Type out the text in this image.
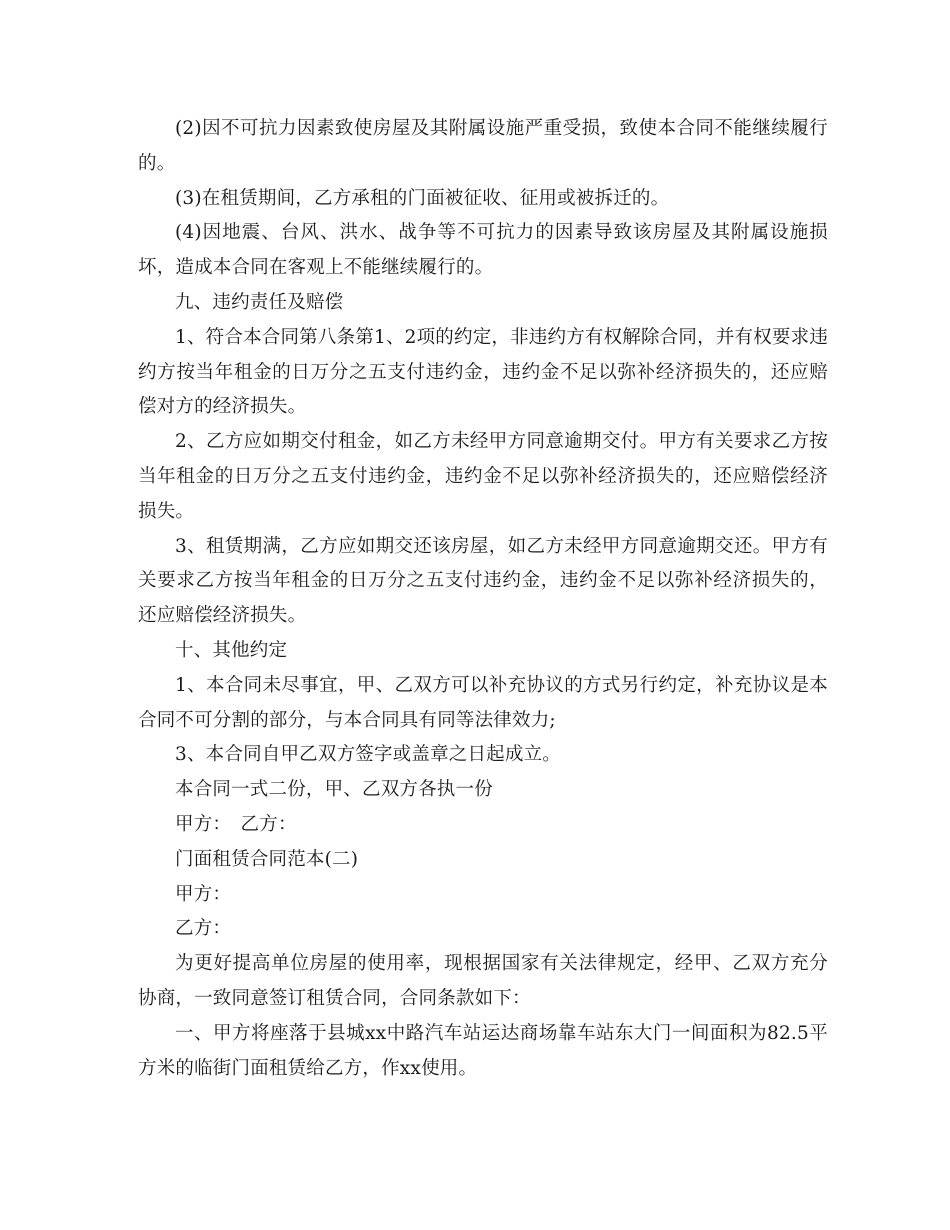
(2)因不可抗力因素致使房屋及其附属设施严重受损，致使本合同不能继续履行的。

(3)在租赁期间，乙方承租的门面被征收、征用或被拆迁的。

(4)因地震、台风、洪水、战争等不可抗力的因素导致该房屋及其附属设施损坏，造成本合同在客观上不能继续履行的。

九、违约责任及赔偿

1、符合本合同第八条第1、2项的约定，非违约方有权解除合同，并有权要求违约方按当年租金的日万分之五支付违约金，违约金不足以弥补经济损失的，还应赔偿对方的经济损失。

2、乙方应如期交付租金，如乙方未经甲方同意逾期交付。甲方有关要求乙方按当年租金的日万分之五支付违约金，违约金不足以弥补经济损失的，还应赔偿经济损失。

3、租赁期满，乙方应如期交还该房屋，如乙方未经甲方同意逾期交还。甲方有关要求乙方按当年租金的日万分之五支付违约金，违约金不足以弥补经济损失的，还应赔偿经济损失。

十、其他约定

1、本合同未尽事宜，甲、乙双方可以补充协议的方式另行约定，补充协议是本合同不可分割的部分，与本合同具有同等法律效力;

3、本合同自甲乙双方签字或盖章之日起成立。

本合同一式二份，甲、乙双方各执一份

甲方：　乙方：

门面租赁合同范本(二)

甲方：

乙方：

为更好提高单位房屋的使用率，现根据国家有关法律规定，经甲、乙双方充分协商，一致同意签订租赁合同，合同条款如下：

一、甲方将座落于县城xx中路汽车站运达商场靠车站东大门一间面积为82.5平方米的临街门面租赁给乙方，作xx使用。
